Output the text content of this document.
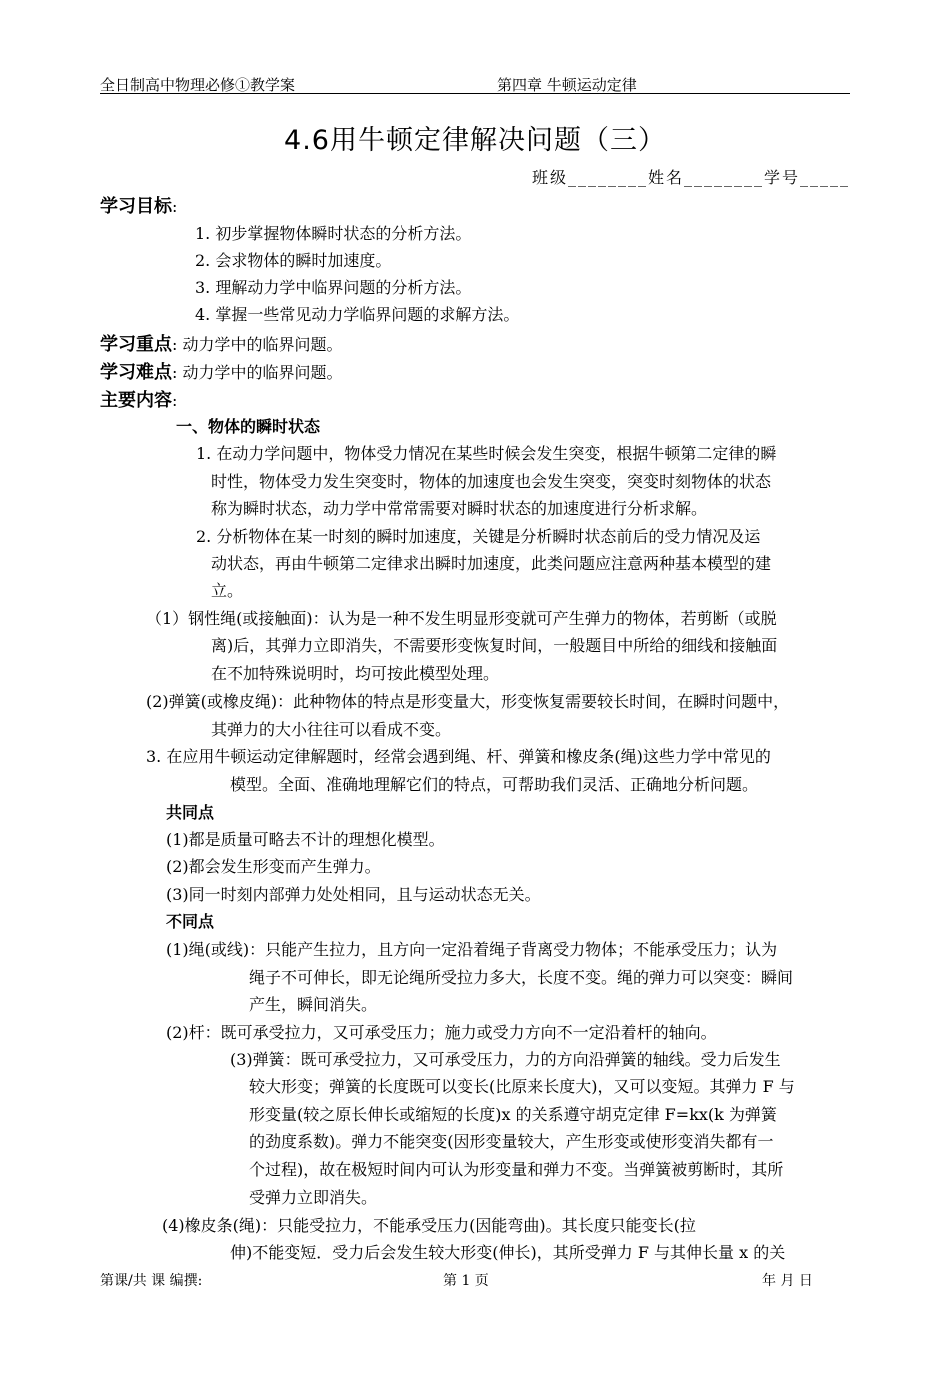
全日制高中物理必修①教学案	第四章 牛顿运动定律
4.6用牛顿定律解决问题（三）
班级________姓名________学号_____
学习目标:
1. 初步掌握物体瞬时状态的分析方法。
2. 会求物体的瞬时加速度。
3. 理解动力学中临界问题的分析方法。
4. 掌握一些常见动力学临界问题的求解方法。
学习重点: 动力学中的临界问题。
学习难点: 动力学中的临界问题。
主要内容:
一、物体的瞬时状态
1. 在动力学问题中，物体受力情况在某些时候会发生突变，根据牛顿第二定律的瞬
时性，物体受力发生突变时，物体的加速度也会发生突变，突变时刻物体的状态
称为瞬时状态，动力学中常常需要对瞬时状态的加速度进行分析求解。
2. 分析物体在某一时刻的瞬时加速度，关键是分析瞬时状态前后的受力情况及运
动状态，再由牛顿第二定律求出瞬时加速度，此类问题应注意两种基本模型的建
立。
（1）钢性绳(或接触面)：认为是一种不发生明显形变就可产生弹力的物体，若剪断（或脱
离)后，其弹力立即消失，不需要形变恢复时间，一般题目中所给的细线和接触面
在不加特殊说明时，均可按此模型处理。
(2)弹簧(或橡皮绳)：此种物体的特点是形变量大，形变恢复需要较长时间，在瞬时问题中，
其弹力的大小往往可以看成不变。
3. 在应用牛顿运动定律解题时，经常会遇到绳、杆、弹簧和橡皮条(绳)这些力学中常见的
模型。全面、准确地理解它们的特点，可帮助我们灵活、正确地分析问题。
共同点
(1)都是质量可略去不计的理想化模型。
(2)都会发生形变而产生弹力。
(3)同一时刻内部弹力处处相同，且与运动状态无关。
不同点
(1)绳(或线)：只能产生拉力，且方向一定沿着绳子背离受力物体；不能承受压力；认为
绳子不可伸长，即无论绳所受拉力多大，长度不变。绳的弹力可以突变：瞬间
产生，瞬间消失。
(2)杆：既可承受拉力，又可承受压力；施力或受力方向不一定沿着杆的轴向。
(3)弹簧：既可承受拉力，又可承受压力，力的方向沿弹簧的轴线。受力后发生
较大形变；弹簧的长度既可以变长(比原来长度大)，又可以变短。其弹力 F 与
形变量(较之原长伸长或缩短的长度)x 的关系遵守胡克定律 F=kx(k 为弹簧
的劲度系数)。弹力不能突变(因形变量较大，产生形变或使形变消失都有一
个过程)，故在极短时间内可认为形变量和弹力不变。当弹簧被剪断时，其所
受弹力立即消失。
(4)橡皮条(绳)：只能受拉力，不能承受压力(因能弯曲)。其长度只能变长(拉
伸)不能变短．受力后会发生较大形变(伸长)，其所受弹力 F 与其伸长量 x 的关
第课/共 课 编撰:	第 1 页	年 月 日
